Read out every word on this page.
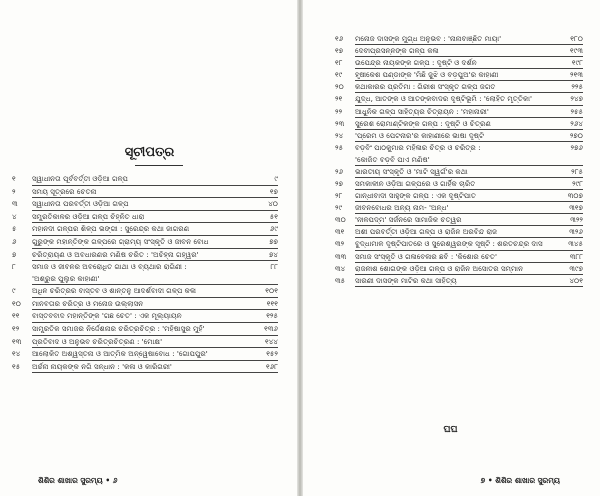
ସୂଚୀପତ୍ର
୧	ସ୍ୱାଧୀନତା ପୂର୍ବବର୍ତ୍ତୀ ଓଡ଼ିଆ ଗଳ୍ପ	୯
୨	ସମୟ ସୂତ୍ରରେ ଚେତନା	୧୭
୩	ସ୍ୱାଧୀନତା ପରବର୍ତ୍ତୀ ଓଡ଼ିଆ ଗଳ୍ପ	୪୦
୪	ସମ୍ପ୍ରତିକାଳର ଓଡ଼ିଆ ଗଳ୍ପ ଚିହ୍ନିତ ଧାରା	୫୧
୫	ମହାନଦୀ ଗଳ୍ପର ଶିଳ୍ପ ଭଙ୍ଗୀ : ସୁରେନ୍ଦ୍ର କଥା ଜାଗରଣ	୬୯
୬	ଗୁରୁଙ୍କ ମହାନ୍ତିଙ୍କ ଗଳ୍ପରେ ଗ୍ରାମ୍ୟ ସଂସ୍କୃତି ଓ ଜୀବନ ବୋଧ	୭୭
୭	ଚରିତ୍ରାୟଣ ଓ ଅବଧାରଣର ମଣିଷ ଚରିତ : 'ଅଚିହ୍ନା ଗହ୍ୱର'	୭୪
୮	ସମାଜ ଓ ଜୀବନର ଅବରୋଧିତ ଗାଥା ଓ ବ୍ୟଥାର ରାଗିଣୀ :	୮୮
'ଅଶ୍ରୁର ପୁଲୁର କାହାଣୀ'
୯	ଅଧିନ ଚରିତ୍ରର ବାସ୍ତବ ଓ ଶାନ୍ତନୁ ଆଦର୍ଶବାଦୀ ଗଳ୍ପ କଳା	୧୦୧
୧୦	ମାନବତାର ଚରିତ୍ର ଓ ମନୋଜ ଉଲ୍ଲାସନ	୧୧୧
୧୧	ବାସ୍ତବବାଦ ମହାନ୍ତିଙ୍କ 'ଗଛ ଚେତ' : ଏକ ମୂଲ୍ୟାୟନ	୧୨୫
୧୨	ସାମ୍ପ୍ରତିକ ସମାଜର ନିର୍ଦ୍ଦେଶନାର ଚରିତ୍ରଚିତ୍ର : 'ମହିଷାସୁର ମୁହଁ'	୧୩୬
୧୩	ପ୍ରତିବାଦ ଓ ଅନୁଭବ ଚରିତ୍ରଚିତ୍ରଣ : 'ମୋକ୍ଷ'	୧୪୪
୧୪	ଆଲୋକିତ ଅଶ୍ୱସ୍ତନା ଓ ଆତ୍ମିକ ଅନ୍ୱେଷାବୋଧ : 'ଗୋପପୁର'	୧୫୨
୧୫	ଅର୍ଚ୍ଚନା ନାୟକଙ୍କ ନଗି ସନ୍ଧାନ : 'କଳା ଓ କାରିଗରୀ'	୧୬୮
ଶିଶିର ଶାଖାର ସୁରମ୍ୟ • ୬
୧୬	ମନୋଜ ଦାସଙ୍କ ମୁଗ୍ଧ ଅନୁଭବ : 'ନାନାବାଞ୍ଛିତ ମାୟା'	୧୮୦
୧୭	ଦେବୀପ୍ରସନ୍ନଙ୍କ ଗଳ୍ପ କଳା	୧୯୩
୧୮	ଉପେନ୍ଦ୍ର ନାୟକଙ୍କ ଗଳ୍ପ : ଦୃଷ୍ଟି ଓ ଦର୍ଶନ	୧୯୮
୧୯	ହୃଷୀକେଶ ପଣ୍ଡାଙ୍କ 'ମିଛି ଜୁଝି ଓ ବଡ଼ପୁଅ'ର କାହାଣୀ	୨୧୩
୨୦	କଥାକାରର ପ୍ରତିମା : ଗିରୀଶ ସଂସ୍କୃତ ଗଳ୍ପ ଜଗତ	୨୨୫
୨୧	ଯୁଦ୍ଧ, ଆତଙ୍କ ଓ ଆତଙ୍କବାଦର ଦୃଷ୍ଟିଭୂମି : 'ଲୋହିତ ମୃତ୍ତିକା'	୨୪୭
୨୨	ଆଧୁନିକ ଗଳ୍ପ ସାହିତ୍ୟର ଚିତ୍ରାୟନ : 'ମହାନାରୀ'	୨୫୫
୨୩	ସୁରେଶ ରୋମାଣ୍ଟିକଙ୍କ ଗଳ୍ପ : ଦୃଷ୍ଟି ଓ ଚିତ୍ରଣ	୨୬୪
୨୪	'ପ୍ରେମ ଓ ପେଟନାର'ର କାହାଣୀରେ ଭାଷା ଦୃଷ୍ଟି	୨୭୦
୨୫	ବଡ଼ବିଂ ପାଠକୁମାର ମହିଳାର ଚିତ୍ର ଓ ଚରିତ୍ର :	୨୭୬
'କୋଜିତ ବଡ଼ବି ପାଏ ମଣିଷ'
୨୬	ଭାରତୀୟ ସଂସ୍କୃତି ଓ 'ମାଟି ସ୍ୱର୍ଗ'ର କଥା	୨୮୫
୨୭	ସମକାଳୀନ ଓଡ଼ିଆ ଗଳ୍ପରେ ଓ ଗାର୍ହିକ ଚାରିତ	୨୯୮
୨୮	ଗାନ୍ଧୀବାଦୀ ସାହୁଙ୍କ ଗଳ୍ପ : ଏକ ଦୃଷ୍ଟିପାତ	୩୦୭
୨୯	ଜୀବନବୋଧର ଅନ୍ୟ ନାମ- 'ଅନ୍ଧ'	୩୧୭
୩୦	'ନୀଳପଦ୍ମ' ସର୍ଜନରେ ସାମାଜିକ ଚତ୍ୱର	୩୨୨
୩୧	ଅଶୀ ପରବର୍ତ୍ତୀ ଓଡ଼ିଆ ଗଳ୍ପ ଓ ରାଜିନ ଅରବିନ୍ଦ ରାଜ	୩୨୬
୩୨	ବୁଦ୍ଧାମାଳ ଦୃଷ୍ଟିପାତରେ ଓ ସୁରେଶ୍ୱରଙ୍କ ସୃଷ୍ଟି : ଶରତଚନ୍ଦ୍ର ଦାସ	୩୪୫
୩୩	ସମାଜ ସଂସ୍କୃତି ଓ ଗଳାବେଳାର ଛବି : 'କିଶୋର ଚେତ'	୩୮୮
୩୪	ରାଜନୀଶ ଶୋଗଙ୍କ ଓଡ଼ିଆ ଗଳ୍ପ ଓ ରାଜିନ ଅସୋତର ସମ୍ମାନ	୩୯୭
୩୫	ସାରଣୀ ଦାସଙ୍କ ମାଟିର କଥା ସାହିତ୍ୟ	୪୦୧
ଘଘ
୭ • ଶିଶିର ଶାଖାର ସୁରମ୍ୟ
